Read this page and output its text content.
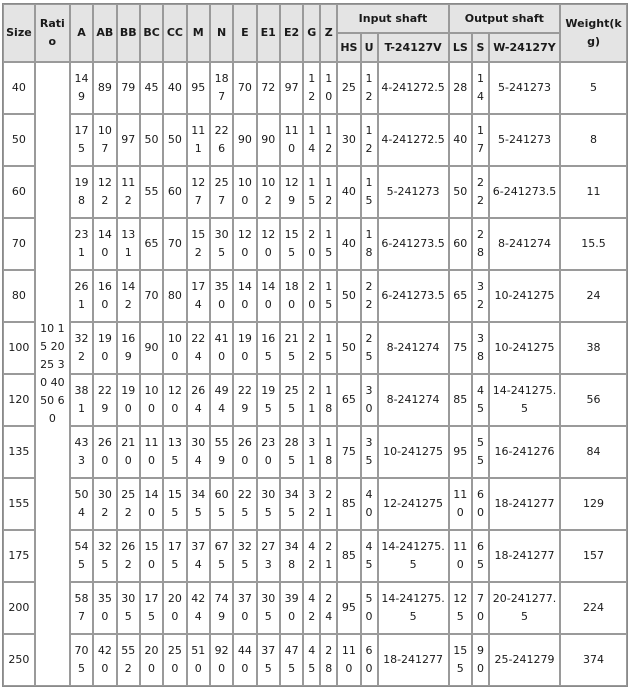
Size	Ratio	A	AB	BB	BC	CC	M	N	E	E1	E2	G	Z	Input shaft			Output shaft			Weight(kg)
														HS	U	T-24127V	LS	S	W-24127Y	
40	10 15 20 25 30 40 50 60	149	89	79	45	40	95	187	70	72	97	12	10	25	12	4-241272.5	28	14	5-241273	5
50		175	107	97	50	50	111	226	90	90	110	14	12	30	12	4-241272.5	40	17	5-241273	8
60		198	122	112	55	60	127	257	100	102	129	15	12	40	15	5-241273	50	22	6-241273.5	11
70		231	140	131	65	70	152	305	120	120	155	20	15	40	18	6-241273.5	60	28	8-241274	15.5
80		261	160	142	70	80	174	350	140	140	180	20	15	50	22	6-241273.5	65	32	10-241275	24
100		322	190	169	90	100	224	410	190	165	215	22	15	50	25	8-241274	75	38	10-241275	38
120		381	229	190	100	120	264	494	229	195	255	21	18	65	30	8-241274	85	45	14-241275.5	56
135		433	260	210	110	135	304	559	260	230	285	31	18	75	35	10-241275	95	55	16-241276	84
155		504	302	252	140	155	345	605	225	305	345	32	21	85	40	12-241275	110	60	18-241277	129
175		545	325	262	150	175	374	675	325	273	348	42	21	85	45	14-241275.5	110	65	18-241277	157
200		587	350	305	175	200	424	749	370	305	390	42	24	95	50	14-241275.5	125	70	20-241277.5	224
250		705	420	552	200	250	510	920	440	375	475	45	28	110	60	18-241277	155	90	25-241279	374
